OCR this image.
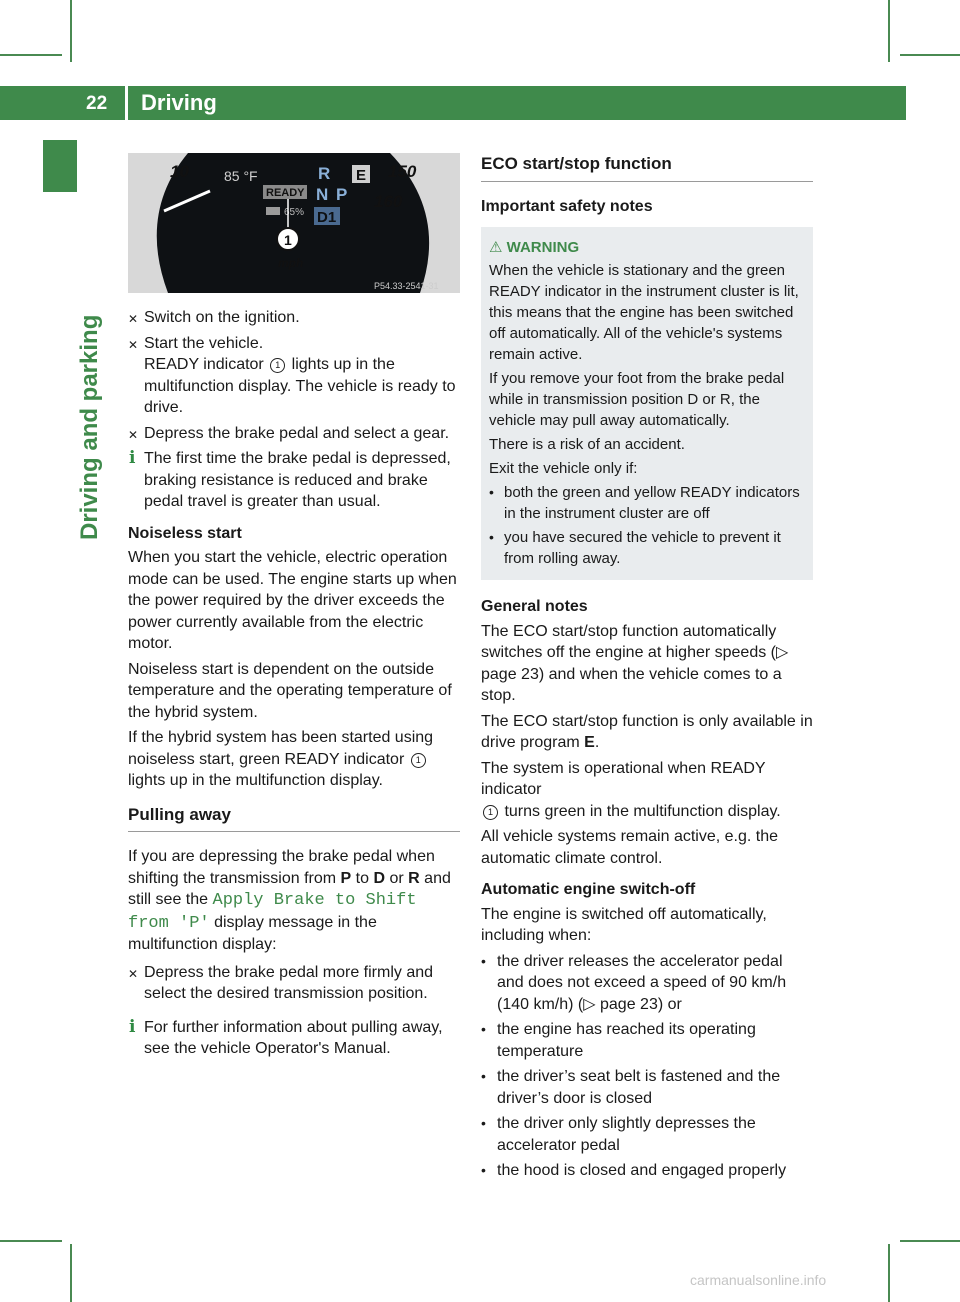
22 Driving
Driving and parking
10	150
160
85 °F
READY
65%
R
N P
D1
E
1
mph
P54.33-2541-31
✕ Switch on the ignition.
✕ Start the vehicle.
READY indicator 1 lights up in the multifunction display. The vehicle is ready to drive.
✕ Depress the brake pedal and select a gear.
i The first time the brake pedal is depressed, braking resistance is reduced and brake pedal travel is greater than usual.
Noiseless start

When you start the vehicle, electric operation mode can be used. The engine starts up when the power required by the driver exceeds the power currently available from the electric motor.

Noiseless start is dependent on the outside temperature and the operating temperature of the hybrid system.

If the hybrid system has been started using noiseless start, green READY indicator 1
lights up in the multifunction display.

Pulling away

If you are depressing the brake pedal when shifting the transmission from P to D or R and still see the Apply Brake to Shift from 'P' display message in the multifunction display:

✕ Depress the brake pedal more firmly and select the desired transmission position.
i For further information about pulling away, see the vehicle Operator's Manual.
ECO start/stop function
Important safety notes
⚠ WARNING

When the vehicle is stationary and the green READY indicator in the instrument cluster is lit, this means that the engine has been switched off automatically. All of the vehicle's systems remain active.

If you remove your foot from the brake pedal while in transmission position D or R, the vehicle may pull away automatically.

There is a risk of an accident.

Exit the vehicle only if:

• both the green and yellow READY indicators in the instrument cluster are off
• you have secured the vehicle to prevent it from rolling away.
General notes

The ECO start/stop function automatically switches off the engine at higher speeds (▷ page 23) and when the vehicle comes to a stop.

The ECO start/stop function is only available in drive program E.

The system is operational when READY indicator
1 turns green in the multifunction display.

All vehicle systems remain active, e.g. the automatic climate control.

Automatic engine switch-off

The engine is switched off automatically, including when:

• the driver releases the accelerator pedal and does not exceed a speed of 90 km/h (140 km/h) (▷ page 23) or
• the engine has reached its operating temperature
• the driver’s seat belt is fastened and the driver’s door is closed
• the driver only slightly depresses the accelerator pedal
• the hood is closed and engaged properly
carmanualsonline.info
